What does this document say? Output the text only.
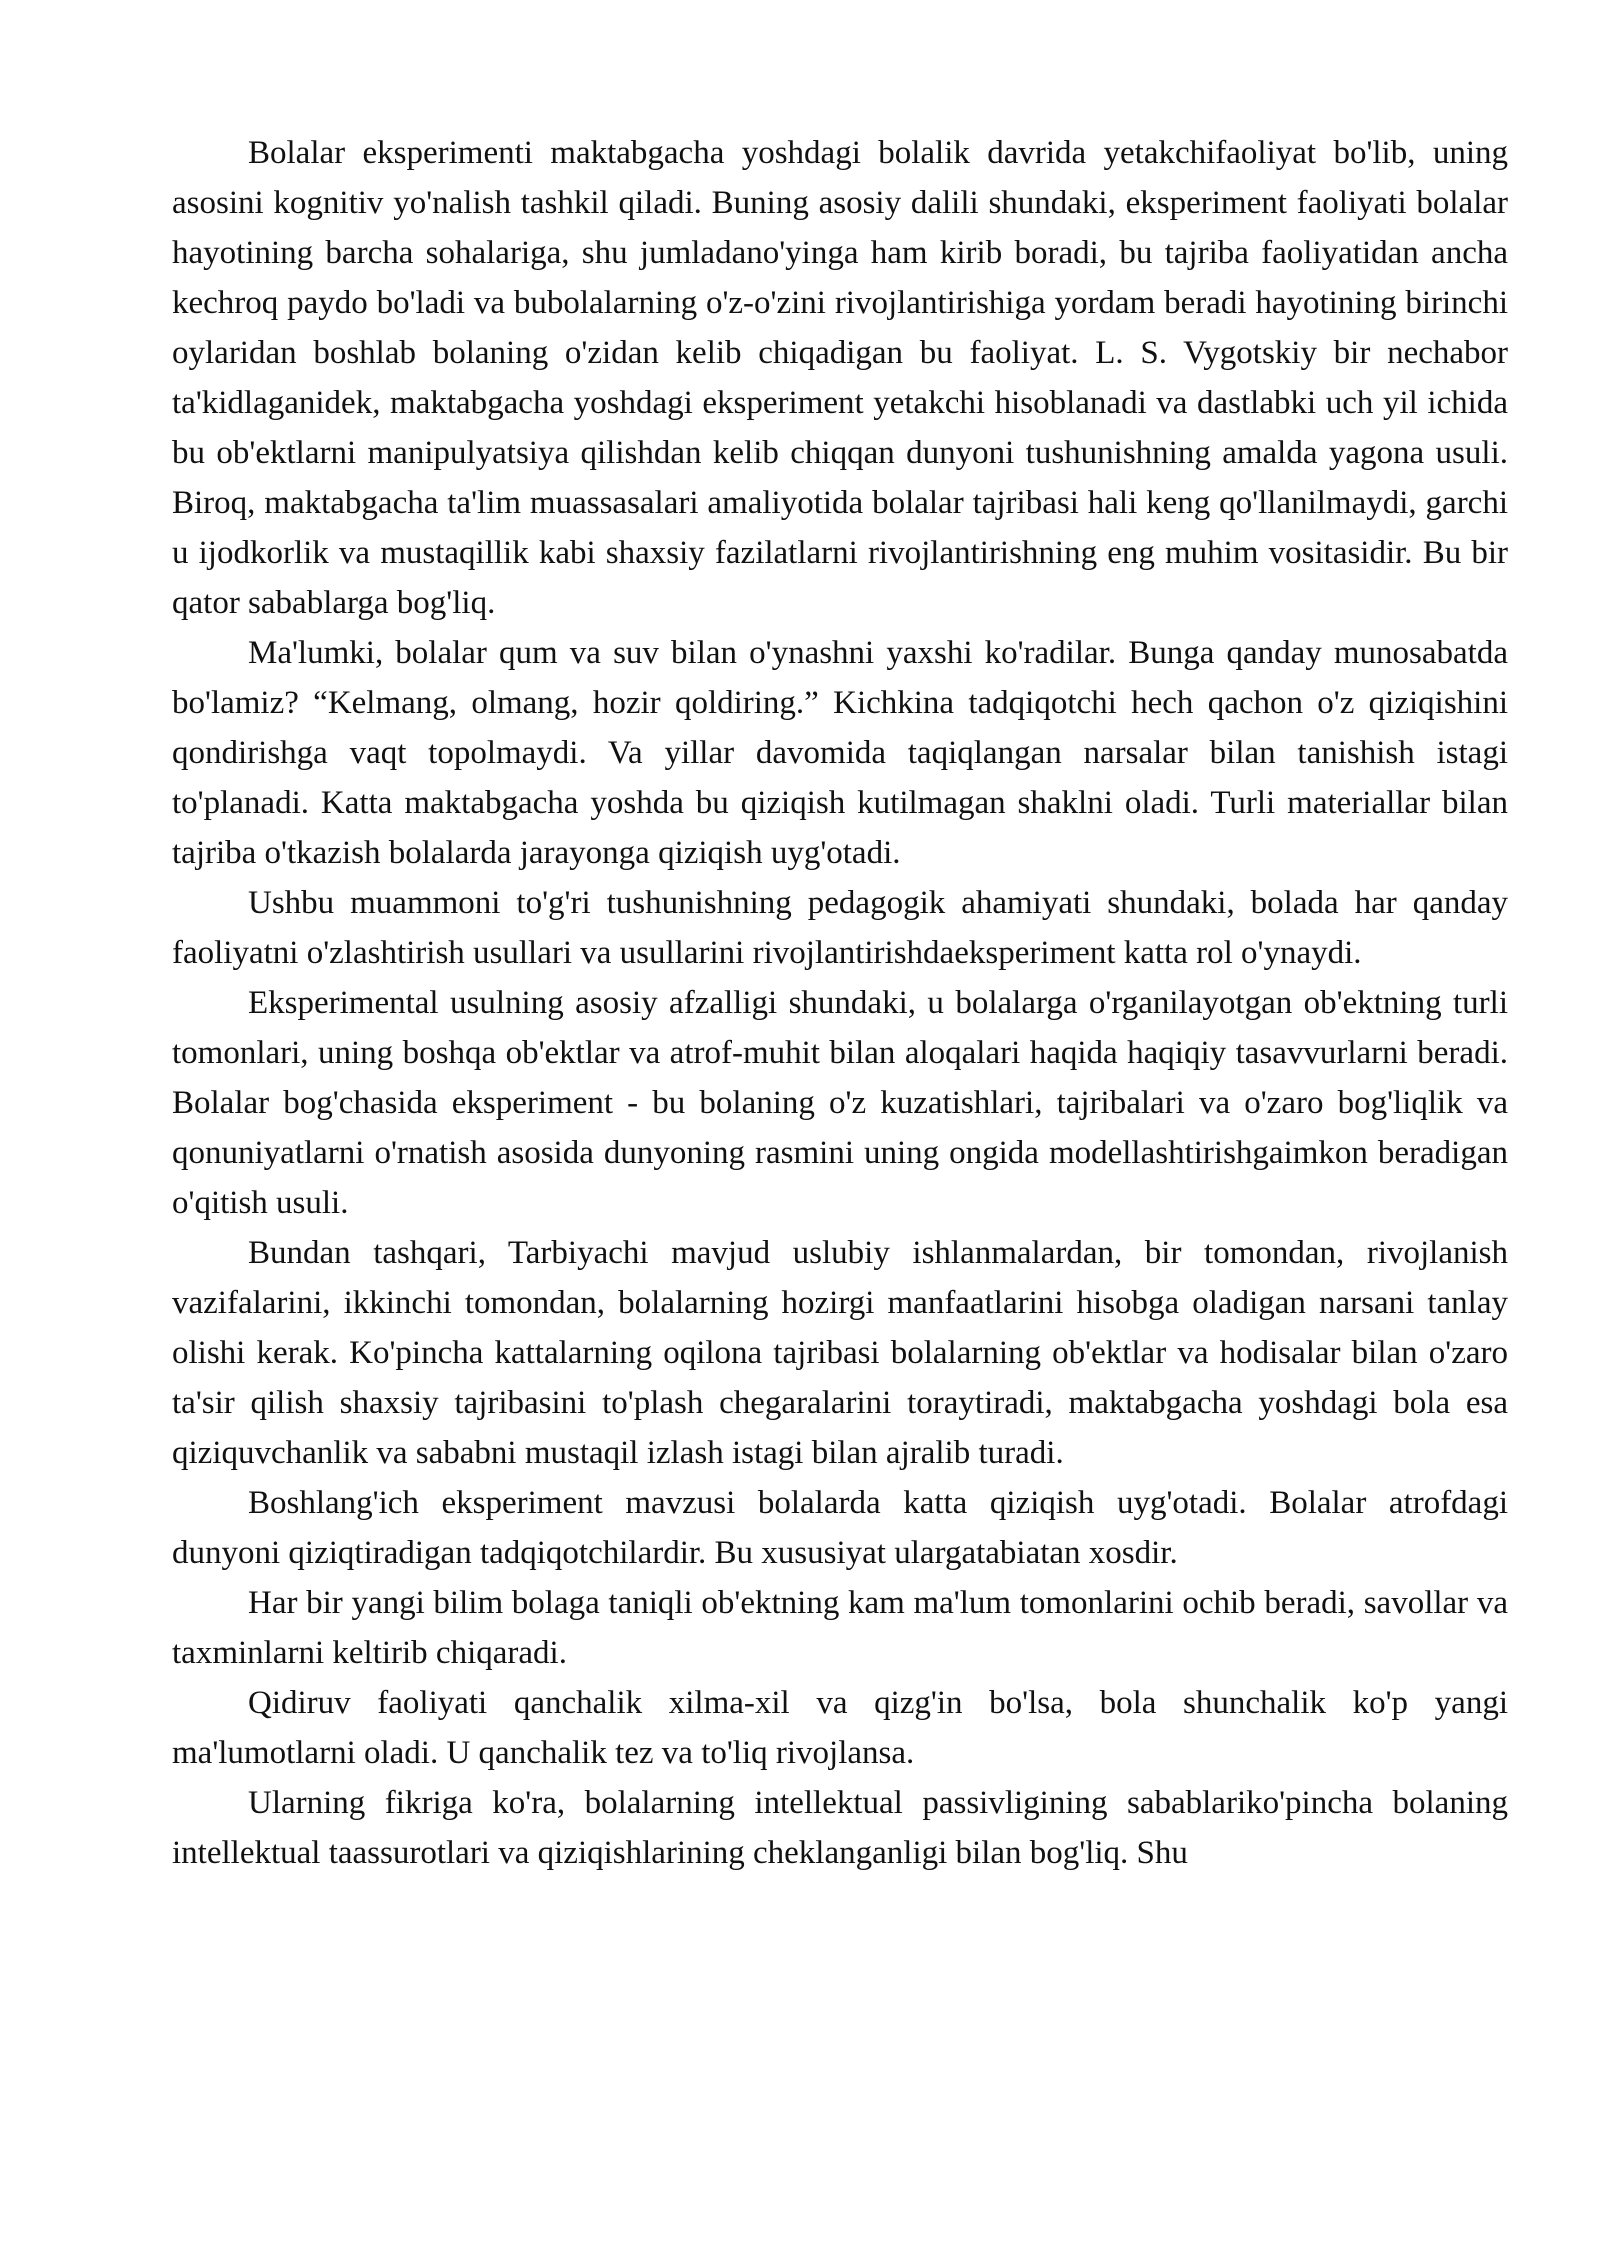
Bolalar eksperimenti maktabgacha yoshdagi bolalik davrida yetakchifaoliyat bo'lib, uning asosini kognitiv yo'nalish tashkil qiladi. Buning asosiy dalili shundaki, eksperiment faoliyati bolalar hayotining barcha sohalariga, shu jumladano'yinga ham kirib boradi, bu tajriba faoliyatidan ancha kechroq paydo bo'ladi va bubolalarning o'z-o'zini rivojlantirishiga yordam beradi hayotining birinchi oylaridan boshlab bolaning o'zidan kelib chiqadigan bu faoliyat. L. S. Vygotskiy bir nechabor ta'kidlaganidek, maktabgacha yoshdagi eksperiment yetakchi hisoblanadi va dastlabki uch yil ichida bu ob'ektlarni manipulyatsiya qilishdan kelib chiqqan dunyoni tushunishning amalda yagona usuli. Biroq, maktabgacha ta'lim muassasalari amaliyotida bolalar tajribasi hali keng qo'llanilmaydi, garchi u ijodkorlik va mustaqillik kabi shaxsiy fazilatlarni rivojlantirishning eng muhim vositasidir. Bu bir qator sabablarga bog'liq.

Ma'lumki, bolalar qum va suv bilan o'ynashni yaxshi ko'radilar. Bunga qanday munosabatda bo'lamiz? “Kelmang, olmang, hozir qoldiring.” Kichkina tadqiqotchi hech qachon o'z qiziqishini qondirishga vaqt topolmaydi. Va yillar davomida taqiqlangan narsalar bilan tanishish istagi to'planadi. Katta maktabgacha yoshda bu qiziqish kutilmagan shaklni oladi. Turli materiallar bilan tajriba o'tkazish bolalarda jarayonga qiziqish uyg'otadi.

Ushbu muammoni to'g'ri tushunishning pedagogik ahamiyati shundaki, bolada har qanday faoliyatni o'zlashtirish usullari va usullarini rivojlantirishdaeksperiment katta rol o'ynaydi.

Eksperimental usulning asosiy afzalligi shundaki, u bolalarga o'rganilayotgan ob'ektning turli tomonlari, uning boshqa ob'ektlar va atrof-muhit bilan aloqalari haqida haqiqiy tasavvurlarni beradi. Bolalar bog'chasida eksperiment - bu bolaning o'z kuzatishlari, tajribalari va o'zaro bog'liqlik va qonuniyatlarni o'rnatish asosida dunyoning rasmini uning ongida modellashtirishgaimkon beradigan o'qitish usuli.

Bundan tashqari, Tarbiyachi mavjud uslubiy ishlanmalardan, bir tomondan, rivojlanish vazifalarini, ikkinchi tomondan, bolalarning hozirgi manfaatlarini hisobga oladigan narsani tanlay olishi kerak. Ko'pincha kattalarning oqilona tajribasi bolalarning ob'ektlar va hodisalar bilan o'zaro ta'sir qilish shaxsiy tajribasini to'plash chegaralarini toraytiradi, maktabgacha yoshdagi bola esa qiziquvchanlik va sababni mustaqil izlash istagi bilan ajralib turadi.

Boshlang'ich eksperiment mavzusi bolalarda katta qiziqish uyg'otadi. Bolalar atrofdagi dunyoni qiziqtiradigan tadqiqotchilardir. Bu xususiyat ulargatabiatan xosdir.

Har bir yangi bilim bolaga taniqli ob'ektning kam ma'lum tomonlarini ochib beradi, savollar va taxminlarni keltirib chiqaradi.

Qidiruv faoliyati qanchalik xilma-xil va qizg'in bo'lsa, bola shunchalik ko'p yangi ma'lumotlarni oladi. U qanchalik tez va to'liq rivojlansa.

Ularning fikriga ko'ra, bolalarning intellektual passivligining sabablariko'pincha bolaning intellektual taassurotlari va qiziqishlarining cheklanganligi bilan bog'liq. Shu
